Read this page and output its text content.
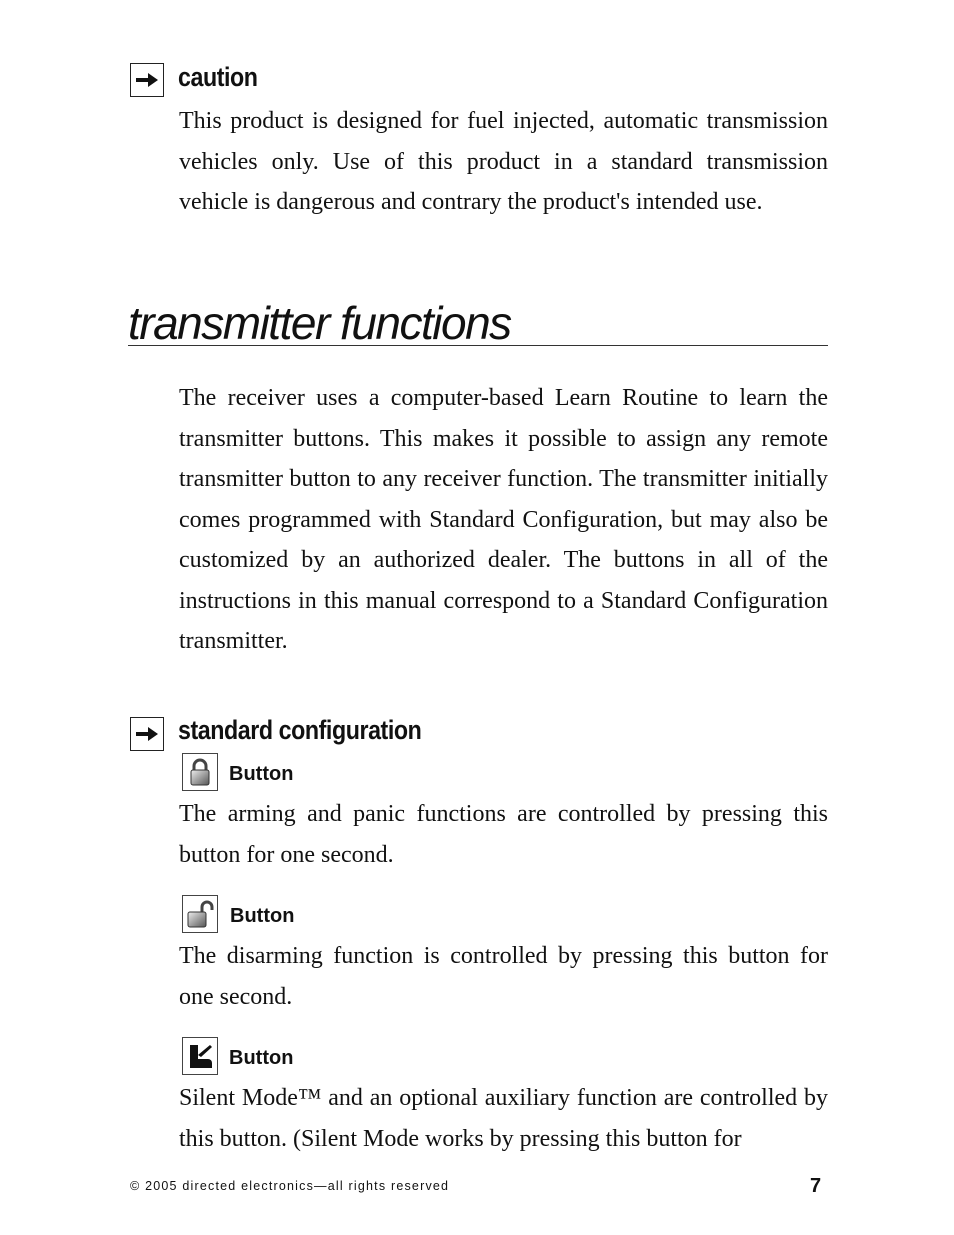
caution

This product is designed for fuel injected, automatic transmission vehicles only. Use of this product in a standard transmission vehicle is dangerous and contrary the product's intended use.

transmitter functions

The receiver uses a computer-based Learn Routine to learn the transmitter buttons. This makes it possible to assign any remote transmitter button to any receiver function. The transmitter initially comes programmed with Standard Configuration, but may also be customized by an authorized dealer. The buttons in all of the instructions in this manual correspond to a Standard Configuration transmitter.

standard configuration
Button

The arming and panic functions are controlled by pressing this button for one second.

Button

The disarming function is controlled by pressing this button for one second.

Button

Silent Mode™ and an optional auxiliary function are controlled by this button. (Silent Mode works by pressing this button for

© 2005 directed electronics—all rights reserved	7
